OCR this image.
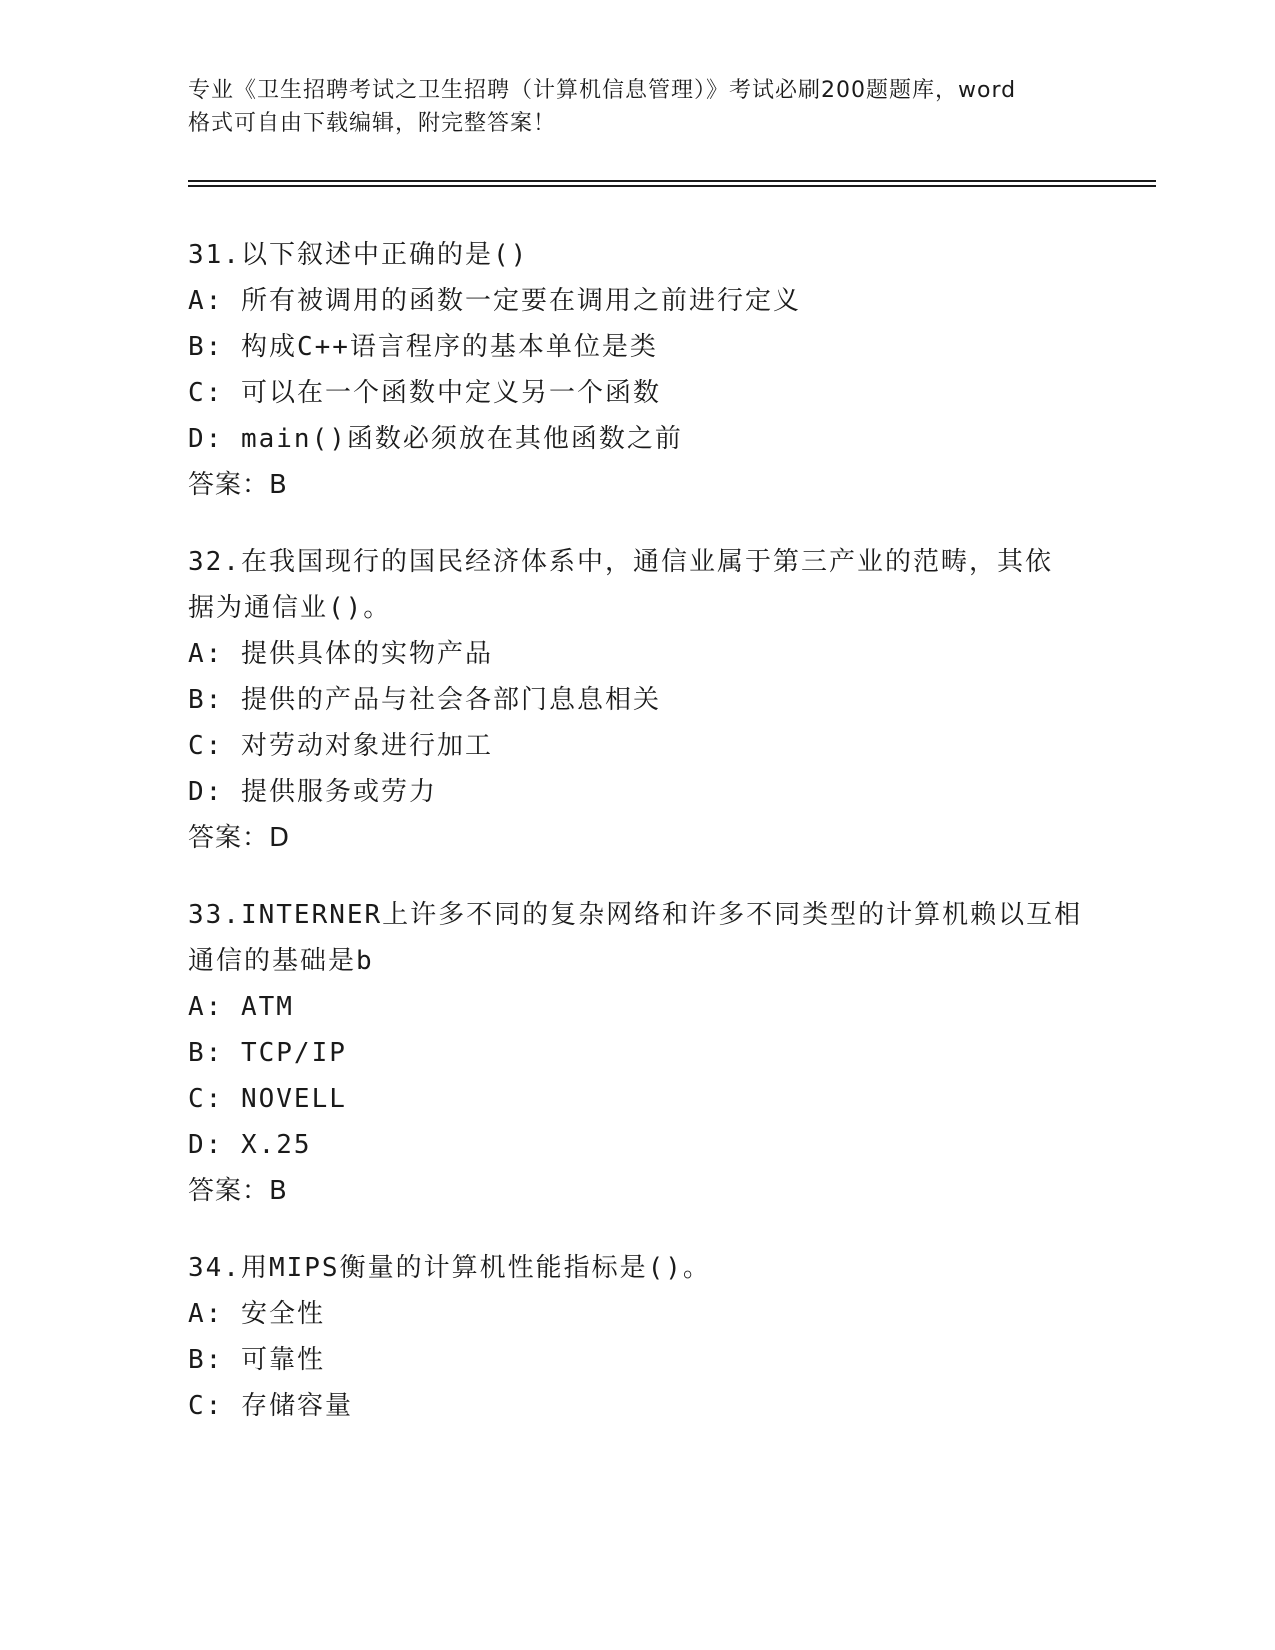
专业《卫生招聘考试之卫生招聘（计算机信息管理）》考试必刷200题题库，word
格式可自由下载编辑，附完整答案！
31.以下叙述中正确的是()
A: 所有被调用的函数一定要在调用之前进行定义
B: 构成C++语言程序的基本单位是类
C: 可以在一个函数中定义另一个函数
D: main()函数必须放在其他函数之前
答案：B
32.在我国现行的国民经济体系中，通信业属于第三产业的范畴，其依
据为通信业()。
A: 提供具体的实物产品
B: 提供的产品与社会各部门息息相关
C: 对劳动对象进行加工
D: 提供服务或劳力
答案：D
33.INTERNER上许多不同的复杂网络和许多不同类型的计算机赖以互相
通信的基础是b
A: ATM
B: TCP/IP
C: NOVELL
D: X.25
答案：B
34.用MIPS衡量的计算机性能指标是()。
A: 安全性
B: 可靠性
C: 存储容量
